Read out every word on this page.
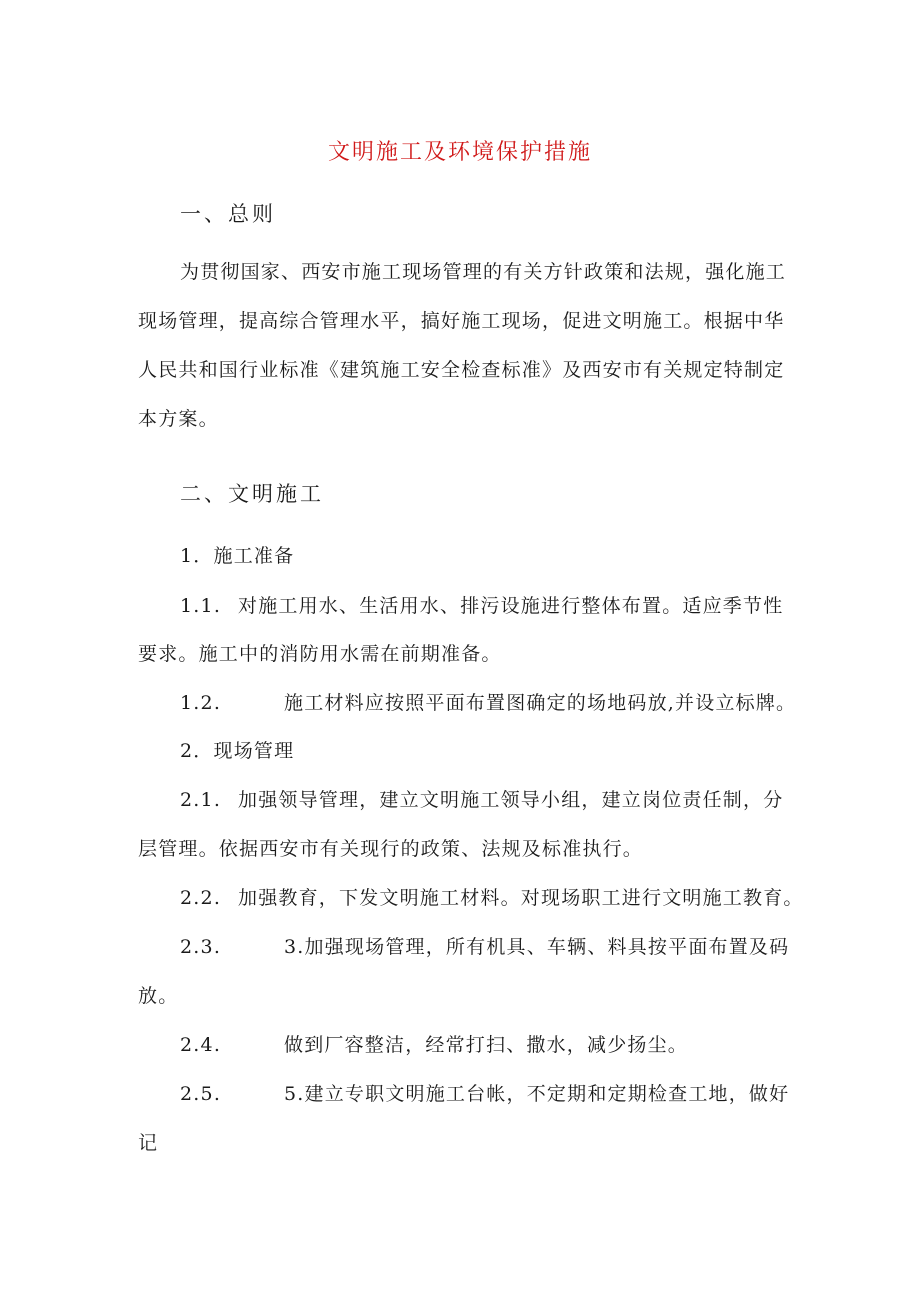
文明施工及环境保护措施
一、总则
为贯彻国家、西安市施工现场管理的有关方针政策和法规，强化施工
现场管理，提高综合管理水平，搞好施工现场，促进文明施工。根据中华
人民共和国行业标准《建筑施工安全检查标准》及西安市有关规定特制定
本方案。
二、文明施工
1．施工准备
1.1. 对施工用水、生活用水、排污设施进行整体布置。适应季节性
要求。施工中的消防用水需在前期准备。
1.2.	施工材料应按照平面布置图确定的场地码放,并设立标牌。
2．现场管理
2.1. 加强领导管理，建立文明施工领导小组，建立岗位责任制，分
层管理。依据西安市有关现行的政策、法规及标准执行。
2.2. 加强教育，下发文明施工材料。对现场职工进行文明施工教育。
2.3.	3.加强现场管理，所有机具、车辆、料具按平面布置及码
放。
2.4.	做到厂容整洁，经常打扫、撒水，减少扬尘。
2.5.	5.建立专职文明施工台帐，不定期和定期检查工地，做好
记
